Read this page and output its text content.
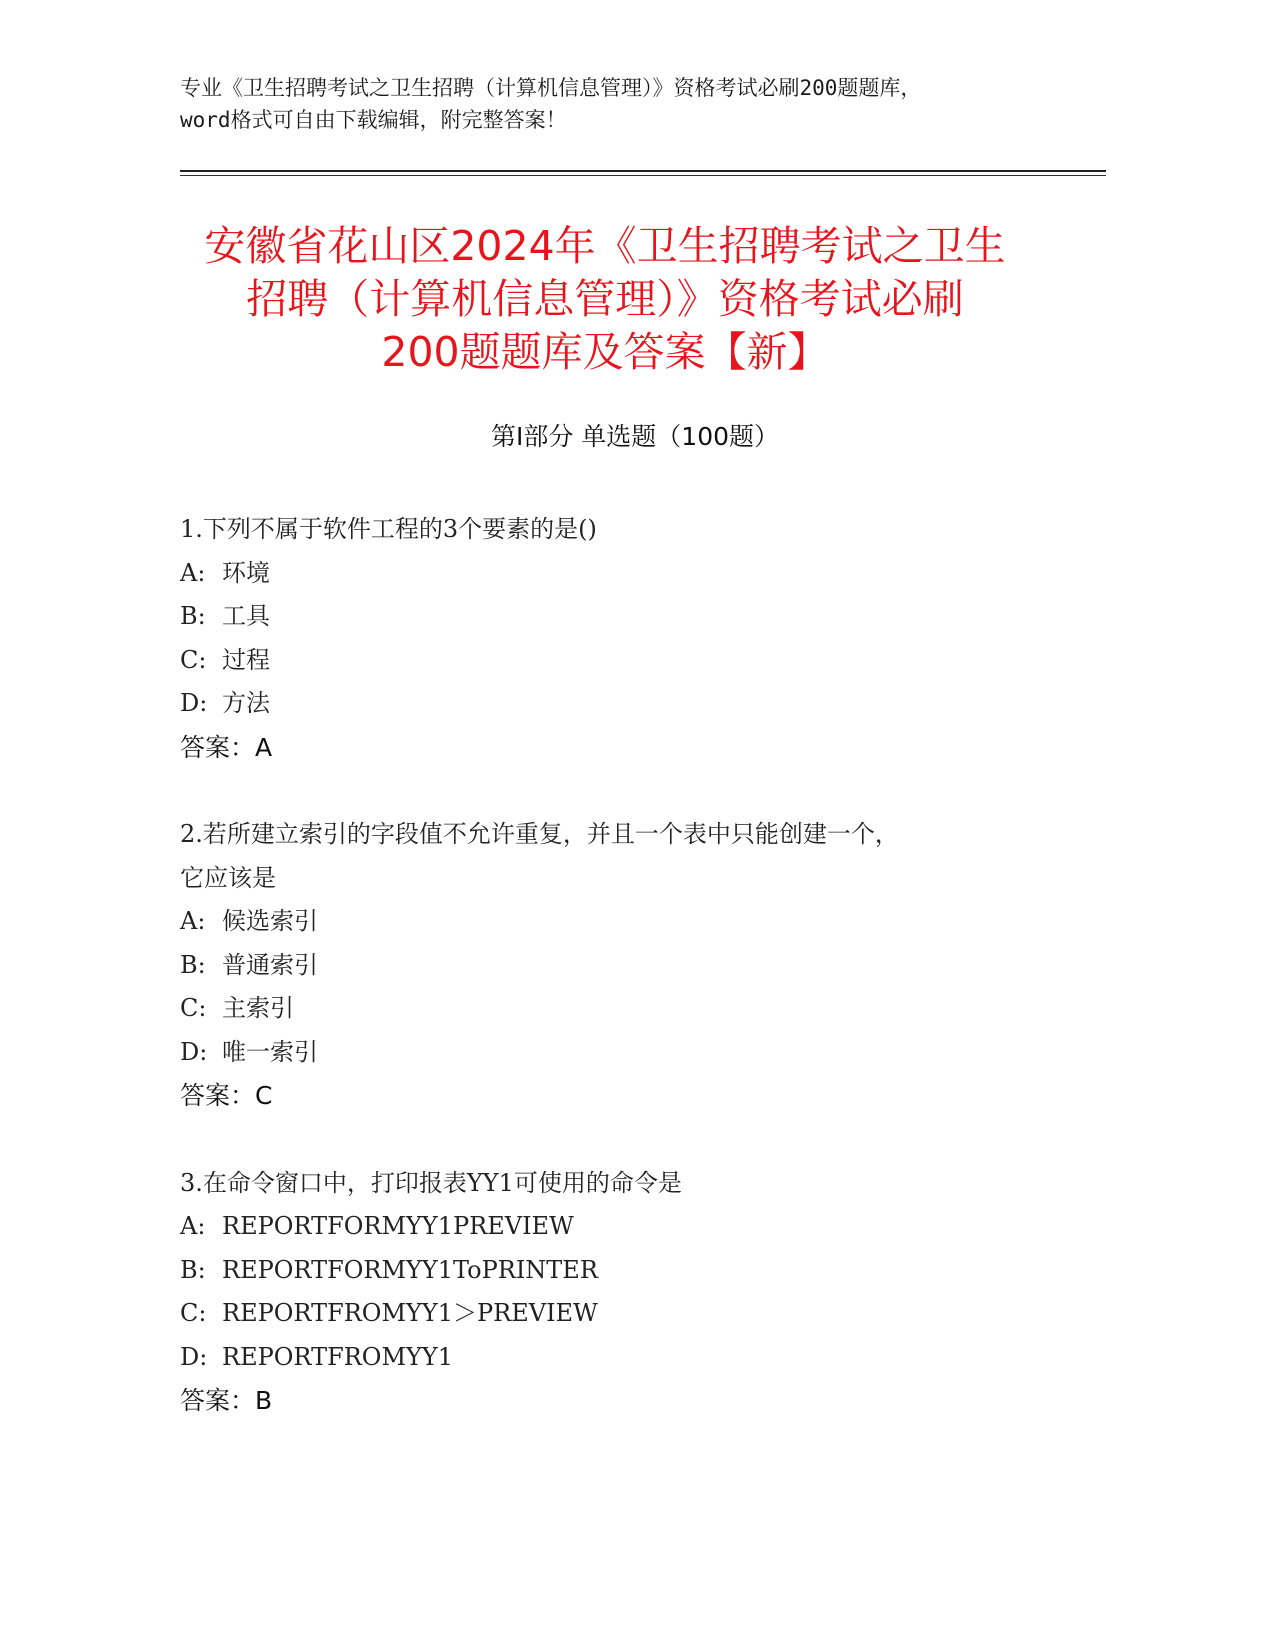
专业《卫生招聘考试之卫生招聘（计算机信息管理）》资格考试必刷200题题库，
word格式可自由下载编辑，附完整答案！
安徽省花山区2024年《卫生招聘考试之卫生
招聘（计算机信息管理）》资格考试必刷
200题题库及答案【新】
第Ⅰ部分 单选题（100题）
1.下列不属于软件工程的3个要素的是()
A: 环境
B: 工具
C: 过程
D: 方法
答案：A
2.若所建立索引的字段值不允许重复，并且一个表中只能创建一个，
它应该是
A: 候选索引
B: 普通索引
C: 主索引
D: 唯一索引
答案：C
3.在命令窗口中，打印报表YY1可使用的命令是
A: REPORTFORMYY1PREVIEW
B: REPORTFORMYY1ToPRINTER
C: REPORTFROMYY1＞PREVIEW
D: REPORTFROMYY1
答案：B
